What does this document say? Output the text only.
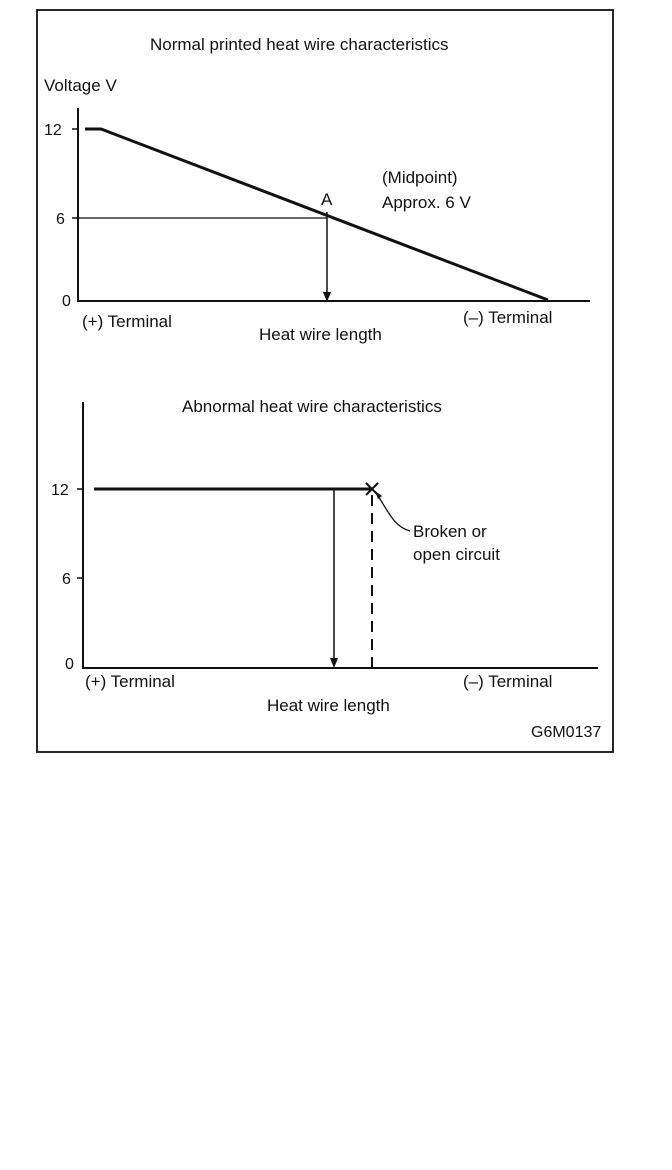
Normal printed heat wire characteristics
Voltage V
12
6
0
A
(Midpoint)
Approx. 6 V
(+) Terminal	(–) Terminal
Heat wire length
Abnormal heat wire characteristics
12
6
0
Broken or
open circuit
(+) Terminal	(–) Terminal
Heat wire length
G6M0137
